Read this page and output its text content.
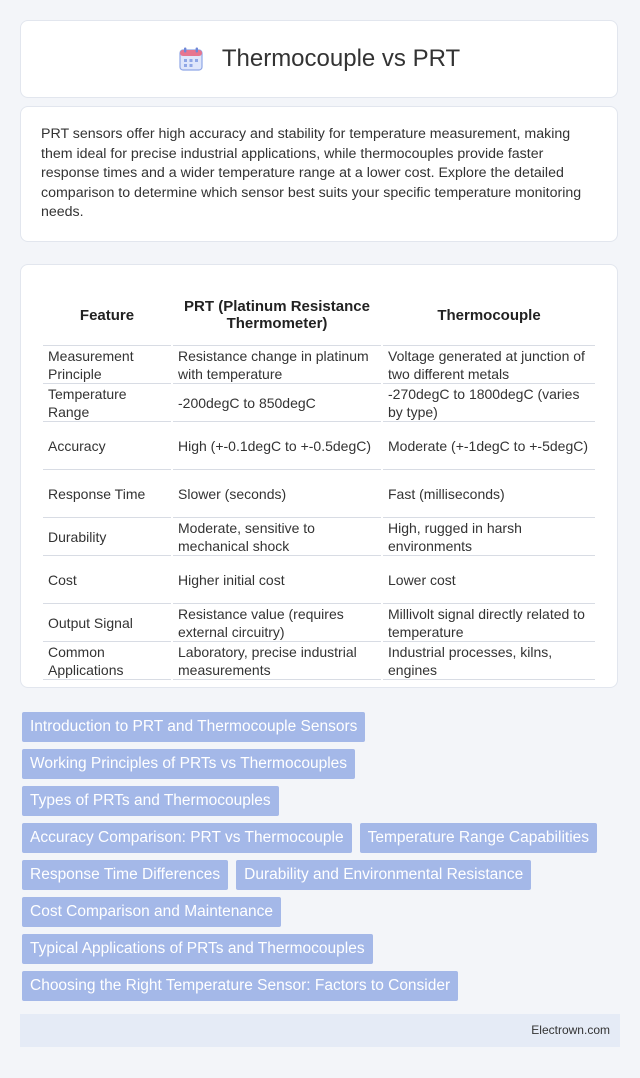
Thermocouple vs PRT

PRT sensors offer high accuracy and stability for temperature measurement, making them ideal for precise industrial applications, while thermocouples provide faster response times and a wider temperature range at a lower cost. Explore the detailed comparison to determine which sensor best suits your specific temperature monitoring needs.

Feature	PRT (Platinum Resistance Thermometer)	Thermocouple
Measurement Principle	Resistance change in platinum with temperature	Voltage generated at junction of two different metals
Temperature Range	-200degC to 850degC	-270degC to 1800degC (varies by type)
Accuracy	High (+-0.1degC to +-0.5degC)	Moderate (+-1degC to +-5degC)
Response Time	Slower (seconds)	Fast (milliseconds)
Durability	Moderate, sensitive to mechanical shock	High, rugged in harsh environments
Cost	Higher initial cost	Lower cost
Output Signal	Resistance value (requires external circuitry)	Millivolt signal directly related to temperature
Common Applications	Laboratory, precise industrial measurements	Industrial processes, kilns, engines
Introduction to PRT and Thermocouple Sensors
Working Principles of PRTs vs Thermocouples
Types of PRTs and Thermocouples
Accuracy Comparison: PRT vs Thermocouple	Temperature Range Capabilities
Response Time Differences	Durability and Environmental Resistance
Cost Comparison and Maintenance
Typical Applications of PRTs and Thermocouples
Choosing the Right Temperature Sensor: Factors to Consider
Electrown.com
